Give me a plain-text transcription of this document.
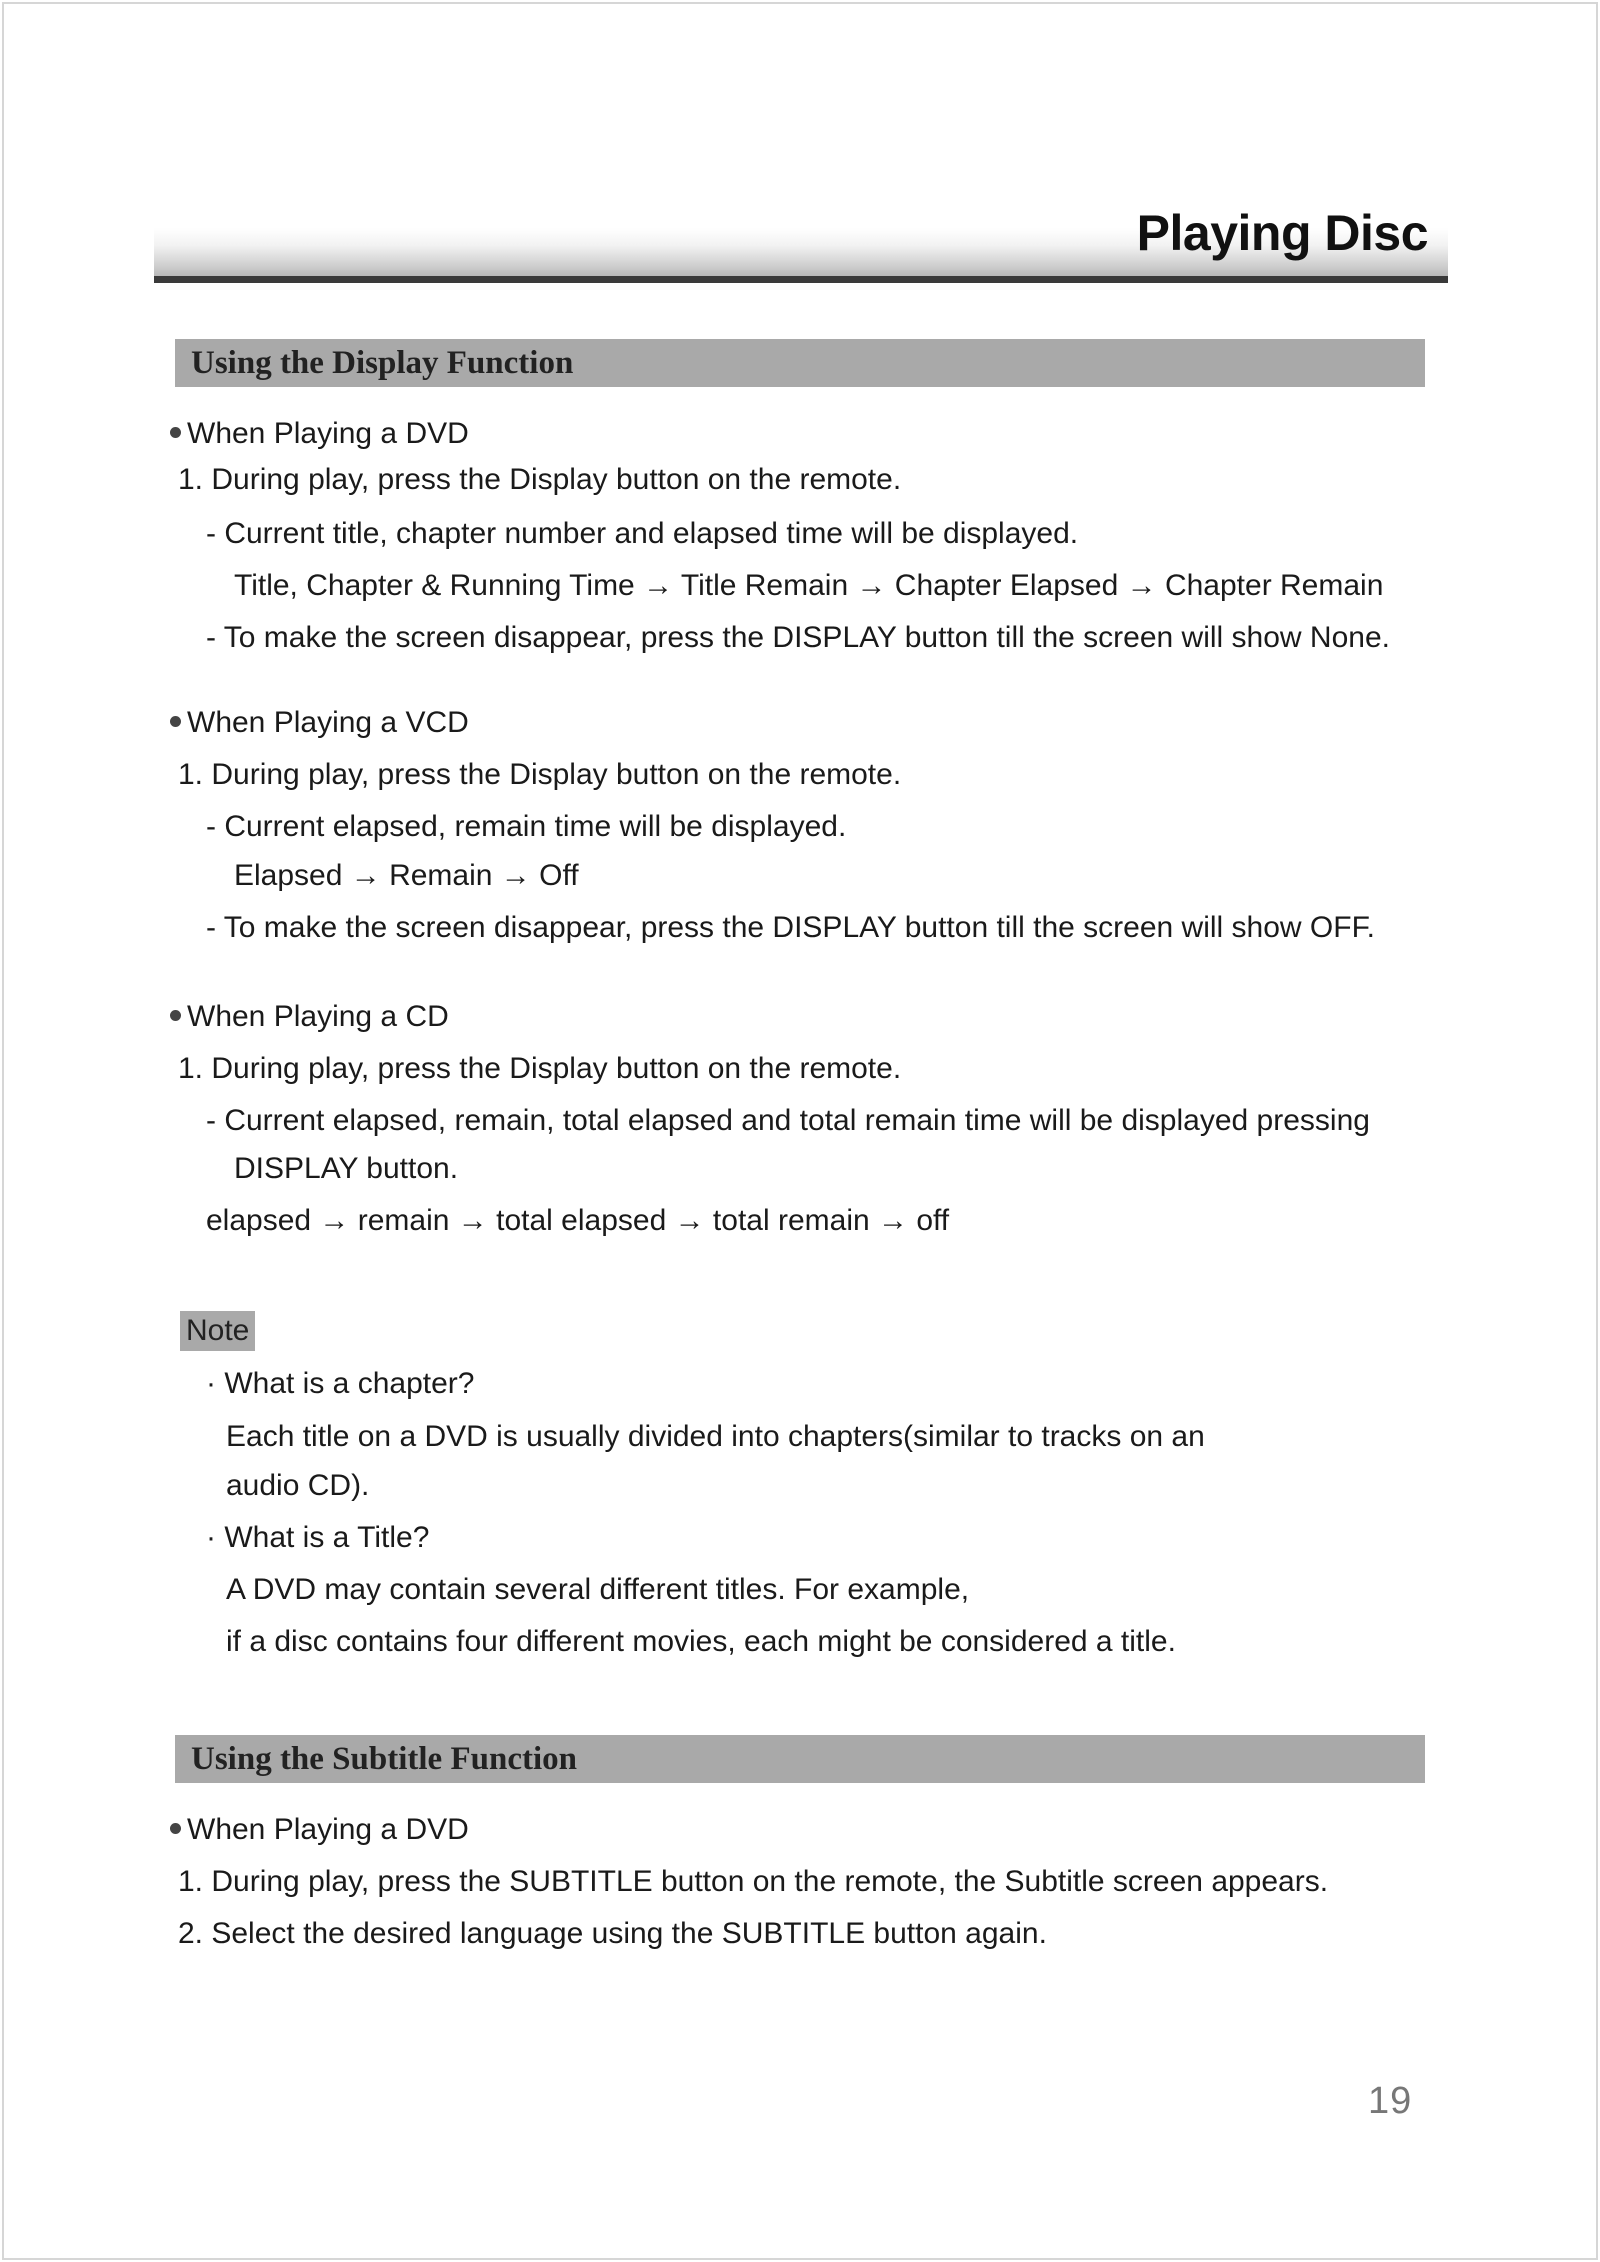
Playing Disc
Using the Display Function
When Playing a DVD
1. During play, press the Display button on the remote.
- Current title, chapter number and elapsed time will be displayed.
Title, Chapter & Running Time → Title Remain → Chapter Elapsed → Chapter Remain
- To make the screen disappear, press the DISPLAY button till the screen will show None.
When Playing a VCD
1. During play, press the Display button on the remote.
- Current elapsed, remain time will be displayed.
Elapsed → Remain → Off
- To make the screen disappear, press the DISPLAY button till the screen will show OFF.
When Playing a CD
1. During play, press the Display button on the remote.
- Current elapsed, remain, total elapsed and total remain time will be displayed pressing
DISPLAY button.
elapsed → remain → total elapsed → total remain → off
Note
· What is a chapter?
Each title on a DVD is usually divided into chapters(similar to tracks on an
audio CD).
· What is a Title?
A DVD may contain several different titles. For example,
if a disc contains four different movies, each might be considered a title.
Using the Subtitle Function
When Playing a DVD
1. During play, press the SUBTITLE button on the remote, the Subtitle screen appears.
2. Select the desired language using the SUBTITLE button again.
19
